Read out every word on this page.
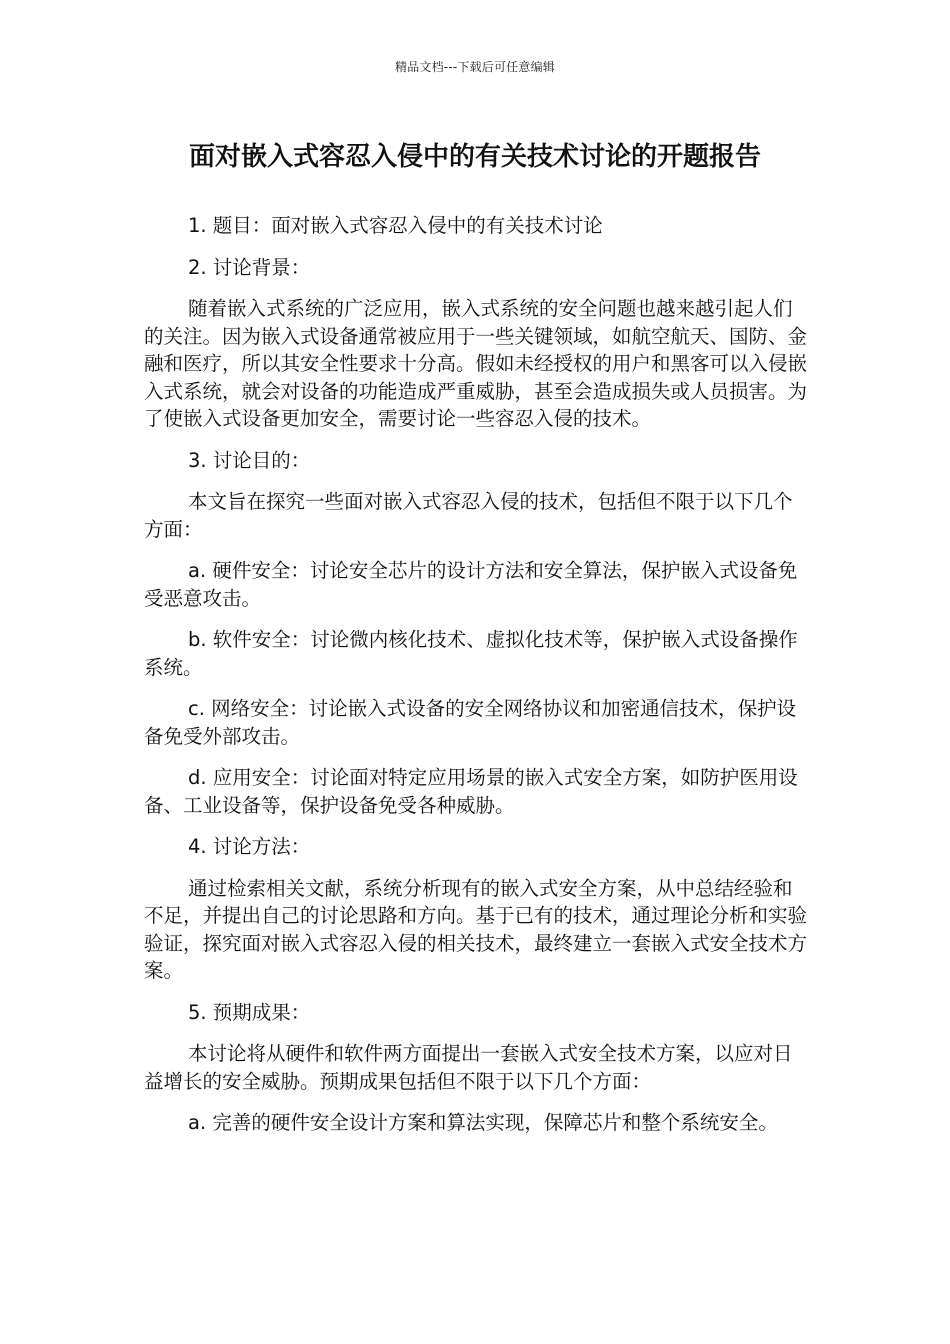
精品文档---下载后可任意编辑
面对嵌入式容忍入侵中的有关技术讨论的开题报告

1. 题目：面对嵌入式容忍入侵中的有关技术讨论

2. 讨论背景：

随着嵌入式系统的广泛应用，嵌入式系统的安全问题也越来越引起人们的关注。因为嵌入式设备通常被应用于一些关键领域，如航空航天、国防、金融和医疗，所以其安全性要求十分高。假如未经授权的用户和黑客可以入侵嵌入式系统，就会对设备的功能造成严重威胁，甚至会造成损失或人员损害。为了使嵌入式设备更加安全，需要讨论一些容忍入侵的技术。

3. 讨论目的：

本文旨在探究一些面对嵌入式容忍入侵的技术，包括但不限于以下几个方面：

a. 硬件安全：讨论安全芯片的设计方法和安全算法，保护嵌入式设备免受恶意攻击。

b. 软件安全：讨论微内核化技术、虚拟化技术等，保护嵌入式设备操作系统。

c. 网络安全：讨论嵌入式设备的安全网络协议和加密通信技术，保护设备免受外部攻击。

d. 应用安全：讨论面对特定应用场景的嵌入式安全方案，如防护医用设备、工业设备等，保护设备免受各种威胁。

4. 讨论方法：

通过检索相关文献，系统分析现有的嵌入式安全方案，从中总结经验和不足，并提出自己的讨论思路和方向。基于已有的技术，通过理论分析和实验验证，探究面对嵌入式容忍入侵的相关技术，最终建立一套嵌入式安全技术方案。

5. 预期成果：

本讨论将从硬件和软件两方面提出一套嵌入式安全技术方案，以应对日益增长的安全威胁。预期成果包括但不限于以下几个方面：

a. 完善的硬件安全设计方案和算法实现，保障芯片和整个系统安全。
